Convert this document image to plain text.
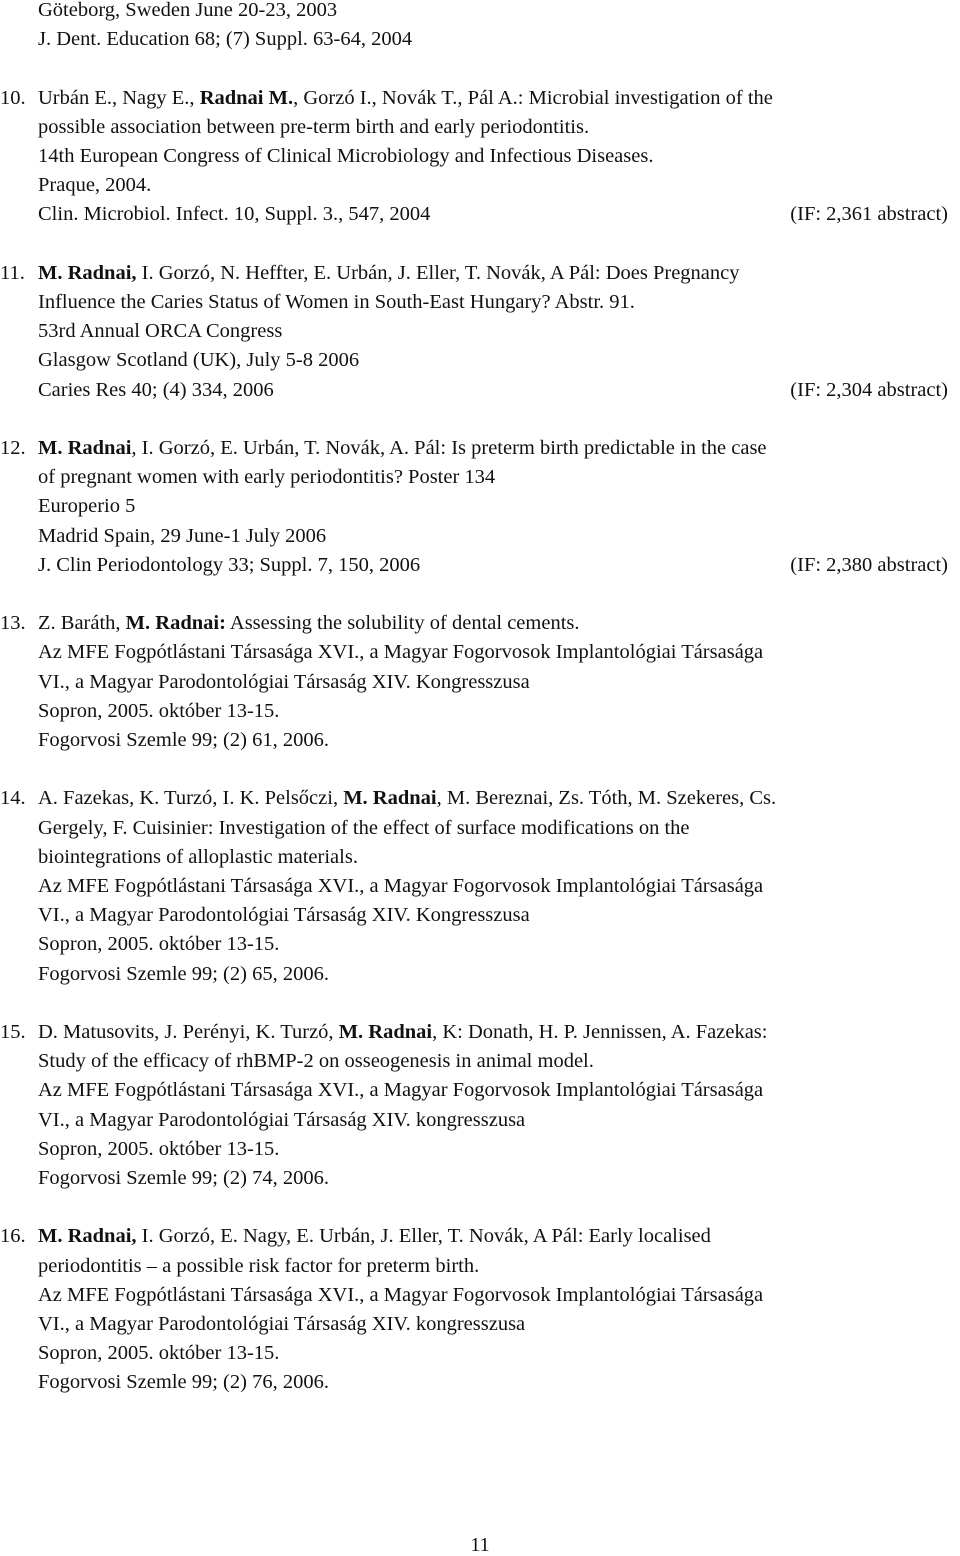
Göteborg, Sweden June 20-23, 2003
J. Dent. Education 68; (7) Suppl. 63-64, 2004
10. Urbán E., Nagy E., Radnai M., Gorzó I., Novák T., Pál A.: Microbial investigation of the
possible association between pre-term birth and early periodontitis.
14th European Congress of Clinical Microbiology and Infectious Diseases.
Praque, 2004.
Clin. Microbiol. Infect. 10, Suppl. 3., 547, 2004	(IF: 2,361 abstract)
11. M. Radnai, I. Gorzó, N. Heffter, E. Urbán, J. Eller, T. Novák, A Pál: Does Pregnancy
Influence the Caries Status of Women in South-East Hungary? Abstr. 91.
53rd Annual ORCA Congress
Glasgow Scotland (UK), July 5-8 2006
Caries Res 40; (4) 334, 2006	(IF: 2,304 abstract)
12. M. Radnai, I. Gorzó, E. Urbán, T. Novák, A. Pál: Is preterm birth predictable in the case
of pregnant women with early periodontitis? Poster 134
Europerio 5
Madrid Spain, 29 June-1 July 2006
J. Clin Periodontology 33; Suppl. 7, 150, 2006	(IF: 2,380 abstract)
13. Z. Baráth, M. Radnai: Assessing the solubility of dental cements.
Az MFE Fogpótlástani Társasága XVI., a Magyar Fogorvosok Implantológiai Társasága
VI., a Magyar Parodontológiai Társaság XIV. Kongresszusa
Sopron, 2005. október 13-15.
Fogorvosi Szemle 99; (2) 61, 2006.
14. A. Fazekas, K. Turzó, I. K. Pelsőczi, M. Radnai, M. Bereznai, Zs. Tóth, M. Szekeres, Cs.
Gergely, F. Cuisinier: Investigation of the effect of surface modifications on the
biointegrations of alloplastic materials.
Az MFE Fogpótlástani Társasága XVI., a Magyar Fogorvosok Implantológiai Társasága
VI., a Magyar Parodontológiai Társaság XIV. Kongresszusa
Sopron, 2005. október 13-15.
Fogorvosi Szemle 99; (2) 65, 2006.
15. D. Matusovits, J. Perényi, K. Turzó, M. Radnai, K: Donath, H. P. Jennissen, A. Fazekas:
Study of the efficacy of rhBMP-2 on osseogenesis in animal model.
Az MFE Fogpótlástani Társasága XVI., a Magyar Fogorvosok Implantológiai Társasága
VI., a Magyar Parodontológiai Társaság XIV. kongresszusa
Sopron, 2005. október 13-15.
Fogorvosi Szemle 99; (2) 74, 2006.
16. M. Radnai, I. Gorzó, E. Nagy, E. Urbán, J. Eller, T. Novák, A Pál: Early localised
periodontitis – a possible risk factor for preterm birth.
Az MFE Fogpótlástani Társasága XVI., a Magyar Fogorvosok Implantológiai Társasága
VI., a Magyar Parodontológiai Társaság XIV. kongresszusa
Sopron, 2005. október 13-15.
Fogorvosi Szemle 99; (2) 76, 2006.
11
